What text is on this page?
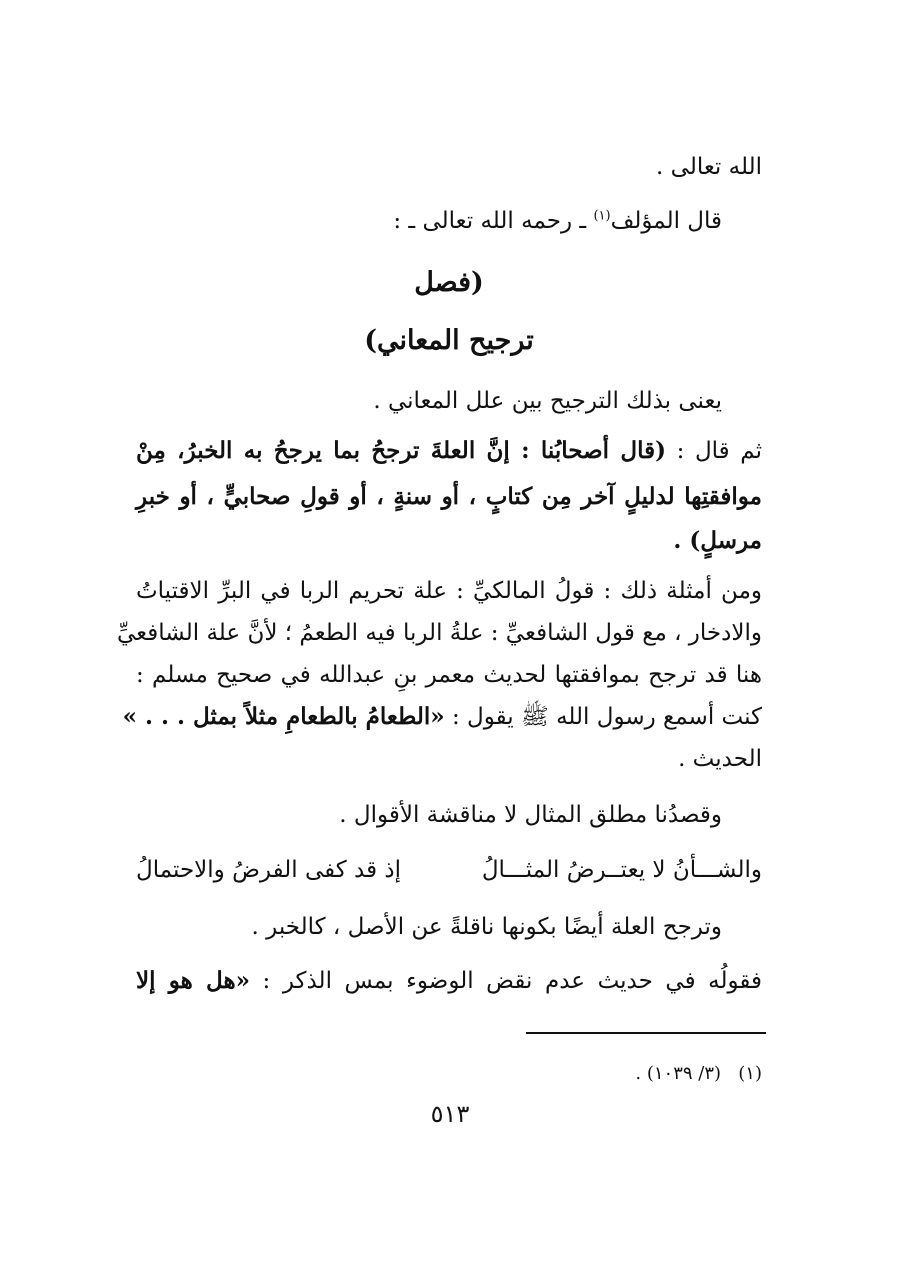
الله تعالى .
قال المؤلف$^{(١)}$ ـ رحمه الله تعالى ـ :
(فصل
ترجيح المعاني)
يعنى بذلك الترجيح بين علل المعاني .
ثم قال : (قال أصحابُنا : إنَّ العلةَ ترجحُ بما يرجحُ به الخبرُ، مِنْ
موافقتِها لدليلٍ آخر مِن كتابٍ ، أو سنةٍ ، أو قولِ صحابيٍّ ، أو خبرِ
مرسلٍ) .
ومن أمثلة ذلك : قولُ المالكيِّ : علة تحريم الربا في البرِّ الاقتياتُ
والادخار ، مع قول الشافعيِّ : علةُ الربا فيه الطعمُ ؛ لأنَّ علة الشافعيِّ
هنا قد ترجح بموافقتها لحديث معمر بنِ عبدالله في صحيح مسلم :
كنت أسمع رسول الله ﷺ يقول : «الطعامُ بالطعامِ مثلاً بمثل . . . »
الحديث .
وقصدُنا مطلق المثال لا مناقشة الأقوال .
والشـــأنُ لا يعتــرضُ المثـــالُ
إذ قد كفى الفرضُ والاحتمالُ
وترجح العلة أيضًا بكونها ناقلةً عن الأصل ، كالخبر .
فقولُه في حديث عدم نقض الوضوء بمس الذكر : «هل هو إلا
(١)   (٣/ ١٠٣٩) .
٥١٣
